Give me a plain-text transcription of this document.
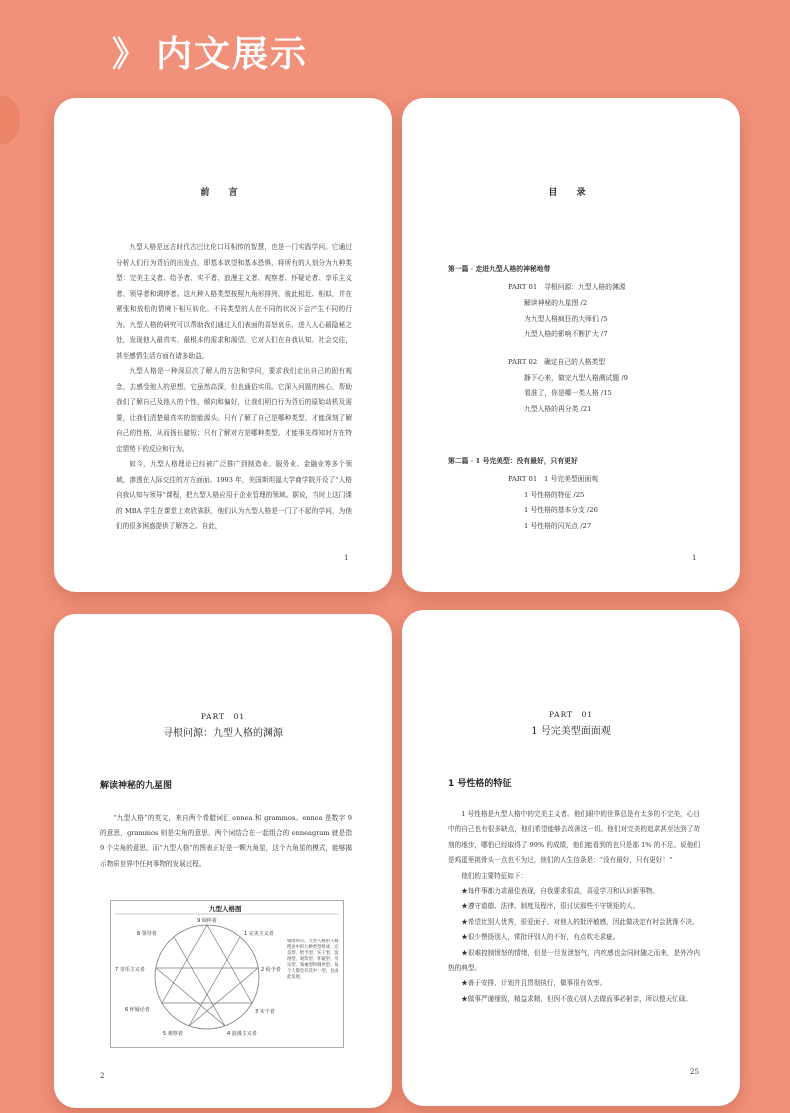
》 内文展示
前 言

九型人格是远古时代古巴比伦口耳相传的智慧，也是一门实践学问。它通过分析人们行为背后的出发点，即基本欲望和基本恐惧，将所有的人划分为九种类型：完美主义者、给予者、实干者、浪漫主义者、观察者、怀疑论者、享乐主义者、领导者和调停者。这九种人格类型按照九角形排列，彼此相近、相似，并在紧张和放松的情境下相互转化。不同类型的人在不同的状况下会产生不同的行为。九型人格的研究可以帮助我们通过人们表面的喜怒哀乐，进入人心最隐秘之处，发现他人最真实、最根本的需求和渴望。它对人们在自我认知、社会交往，甚至感情生活方面有诸多助益。

九型人格是一种深层次了解人的方法和学问，要求我们走出自己的固有观念，去感受他人的思想。它虽然高深，但也通俗实用。它深入问题的核心，帮助我们了解自己及他人的个性、倾向和偏好，让我们明白行为背后的原始动机及需要，让我们清楚最真实的智能源头。只有了解了自己是哪种类型，才能深刻了解自己的性格，从而扬长避短；只有了解对方是哪种类型，才能事先得知对方在特定情势下的反应和行为。

如今，九型人格理论已经被广泛推广到制造业、服务业、金融业等多个领域，渗透在人际交往的方方面面。1993 年，美国斯坦福大学商学院开设了“人格自我认知与领导”课程，把九型人格应用于企业管理的领域。据说，当时上这门课的 MBA 学生在课堂上欢欣雀跃，他们认为九型人格是一门了不起的学问，为他们的很多困惑提供了解答之。自此，

1
目 录
第一篇 · 走进九型人格的神秘地带
PART 01　寻根问源：九型人格的渊源
解读神秘的九星图 /2
为九型人格疯狂的大师们 /5
九型人格的影响不断扩大 /7
PART 02　确定自己的人格类型
静下心来，做完九型人格测试题 /9
看准了，你是哪一类人格 /15
九型人格的再分类 /21
第二篇 · 1 号完美型：没有最好，只有更好
PART 01　1 号完美型面面观
1 号性格的特征 /25
1 号性格的基本分支 /26
1 号性格的闪光点 /27
1
PART　01
寻根问源：九型人格的渊源
解读神秘的九星图

“九型人格”的英文，来自两个希腊词汇 ennea 和 grammos。ennea 是数字 9 的意思，grammos 则是尖角的意思，两个词结合在一起组合的 enneagram 就是指 9 个尖角的意思，而“九型人格”的图表正好是一颗九角星，这个九角星的模式，能够揭示物质世界中任何事物的发展过程。

九型人格图
9 调停者
1 完美主义者
2 给予者
3 实干者
4 浪漫主义者
5 观察者
6 怀疑论者
7 享乐主义者
8 领导者
如图所示，九型人格由人格理论中的九种类型组成：完美型、给予型、实干型、浪漫型、观察型、怀疑型、享乐型、领袖型和调停型。每个人都会有其中一型，且由此发展。
2
PART　01
1 号完美型面面观
1 号性格的特征

1 号性格是九型人格中的完美主义者。他们眼中的世界总是有太多的不完美，心目中的自己也有很多缺点，他们希望能够去改善这一切。他们对完美的追求甚至达到了苛刻的地步，哪怕已经取得了 99% 的成绩，他们能看到的也只是那 1% 的不足。说他们是鸡蛋里挑骨头一点也不为过，他们的人生信条是：“没有最好，只有更好！”

他们的主要特征如下：

★每件事都力求最佳表现，自我要求很高，喜爱学习和认识新事物。

★遵守道德、法律、制度及程序，很讨厌那些不守规矩的人。

★希望比别人优秀，很爱面子，对他人的批评敏感，因此做决定有时会犹豫不决。

★很少赞扬别人，常批评别人的不好，有点吹毛求疵。

★很难控制愤怒的情绪，但是一旦发泄怒气，内疚感也会同时随之而来，是外冷内热的典型。

★善于安排、计划并且贯彻执行，做事很有效率。

★做事严谨细致，精益求精，但因不放心别人去做而事必躬亲，所以整天忙碌。

25
